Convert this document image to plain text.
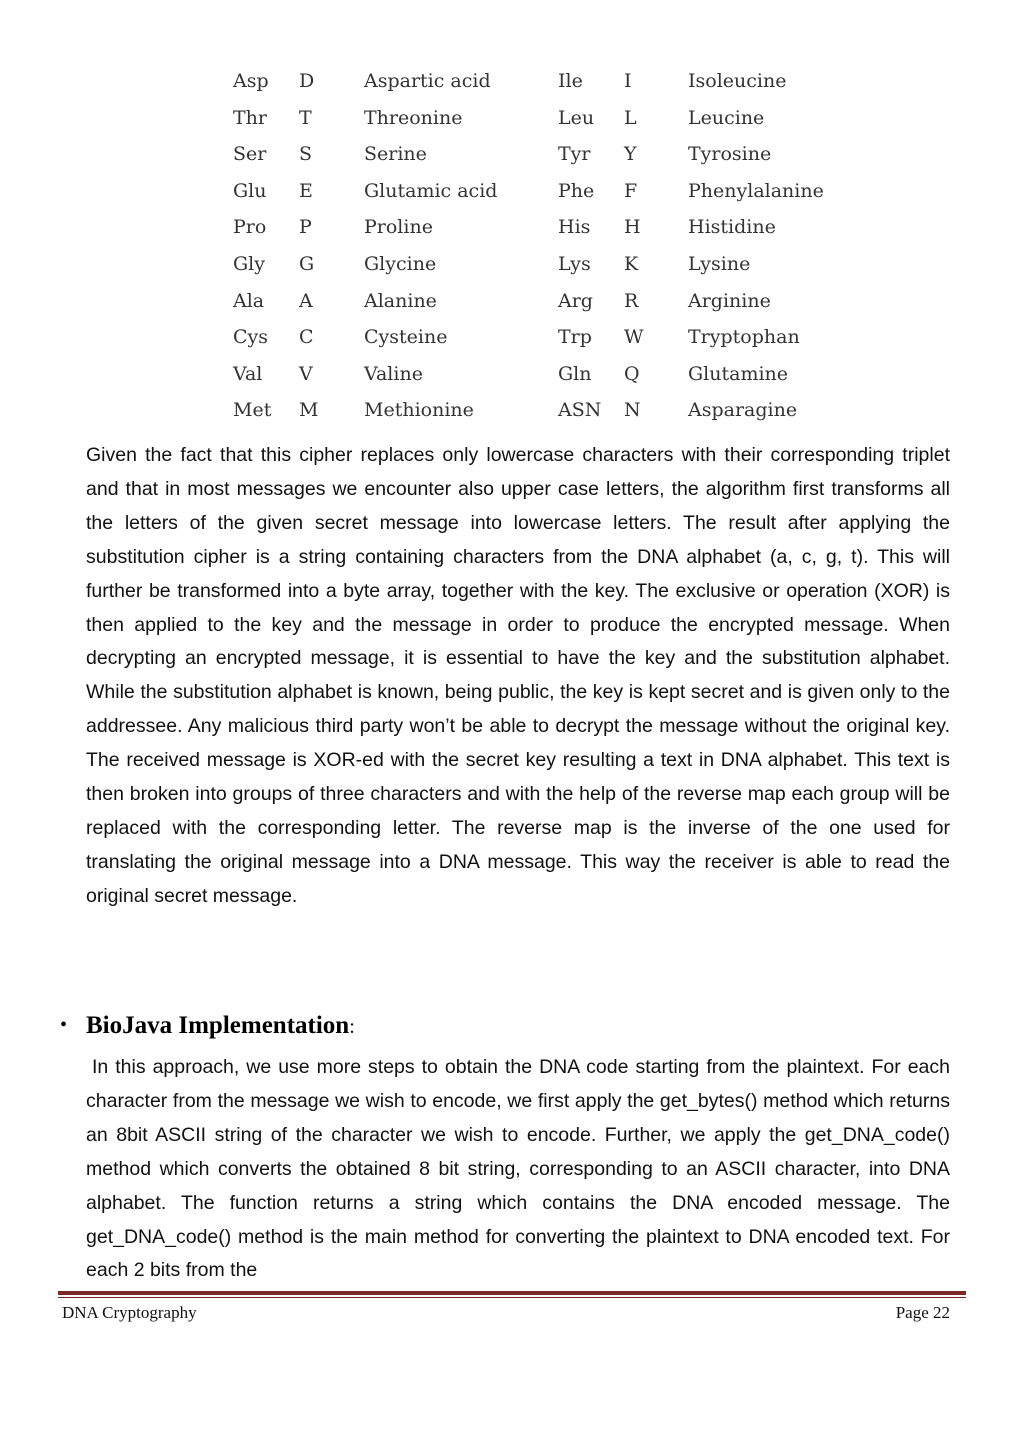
Asp D	Aspartic acid	Ile I	Isoleucine
Thr T	Threonine	Leu L	Leucine
Ser S	Serine	Tyr Y	Tyrosine
Glu E	Glutamic acid	Phe F	Phenylalanine
Pro P	Proline	His H Histidine
Gly G	Glycine	Lys K	Lysine
Ala A	Alanine	Arg R	Arginine
Cys C	Cysteine	Trp W Tryptophan
Val V	Valine	Gln Q	Glutamine
Met M Methionine	ASN N Asparagine
Given the fact that this cipher replaces only lowercase characters with their corresponding triplet and that in most messages we encounter also upper case letters, the algorithm first transforms all the letters of the given secret message into lowercase letters. The result after applying the substitution cipher is a string containing characters from the DNA alphabet (a, c, g, t). This will further be transformed into a byte array, together with the key. The exclusive or operation (XOR) is then applied to the key and the message in order to produce the encrypted message. When decrypting an encrypted message, it is essential to have the key and the substitution alphabet. While the substitution alphabet is known, being public, the key is kept secret and is given only to the addressee. Any malicious third party won’t be able to decrypt the message without the original key. The received message is XOR-ed with the secret key resulting a text in DNA alphabet. This text is then broken into groups of three characters and with the help of the reverse map each group will be replaced with the corresponding letter. The reverse map is the inverse of the one used for translating the original message into a DNA message. This way the receiver is able to read the original secret message.
• BioJava Implementation:
In this approach, we use more steps to obtain the DNA code starting from the plaintext. For each character from the message we wish to encode, we first apply the get_bytes() method which returns an 8bit ASCII string of the character we wish to encode. Further, we apply the get_DNA_code() method which converts the obtained 8 bit string, corresponding to an ASCII character, into DNA alphabet. The function returns a string which contains the DNA encoded message. The get_DNA_code() method is the main method for converting the plaintext to DNA encoded text. For each 2 bits from the
DNA Cryptography	Page 22
